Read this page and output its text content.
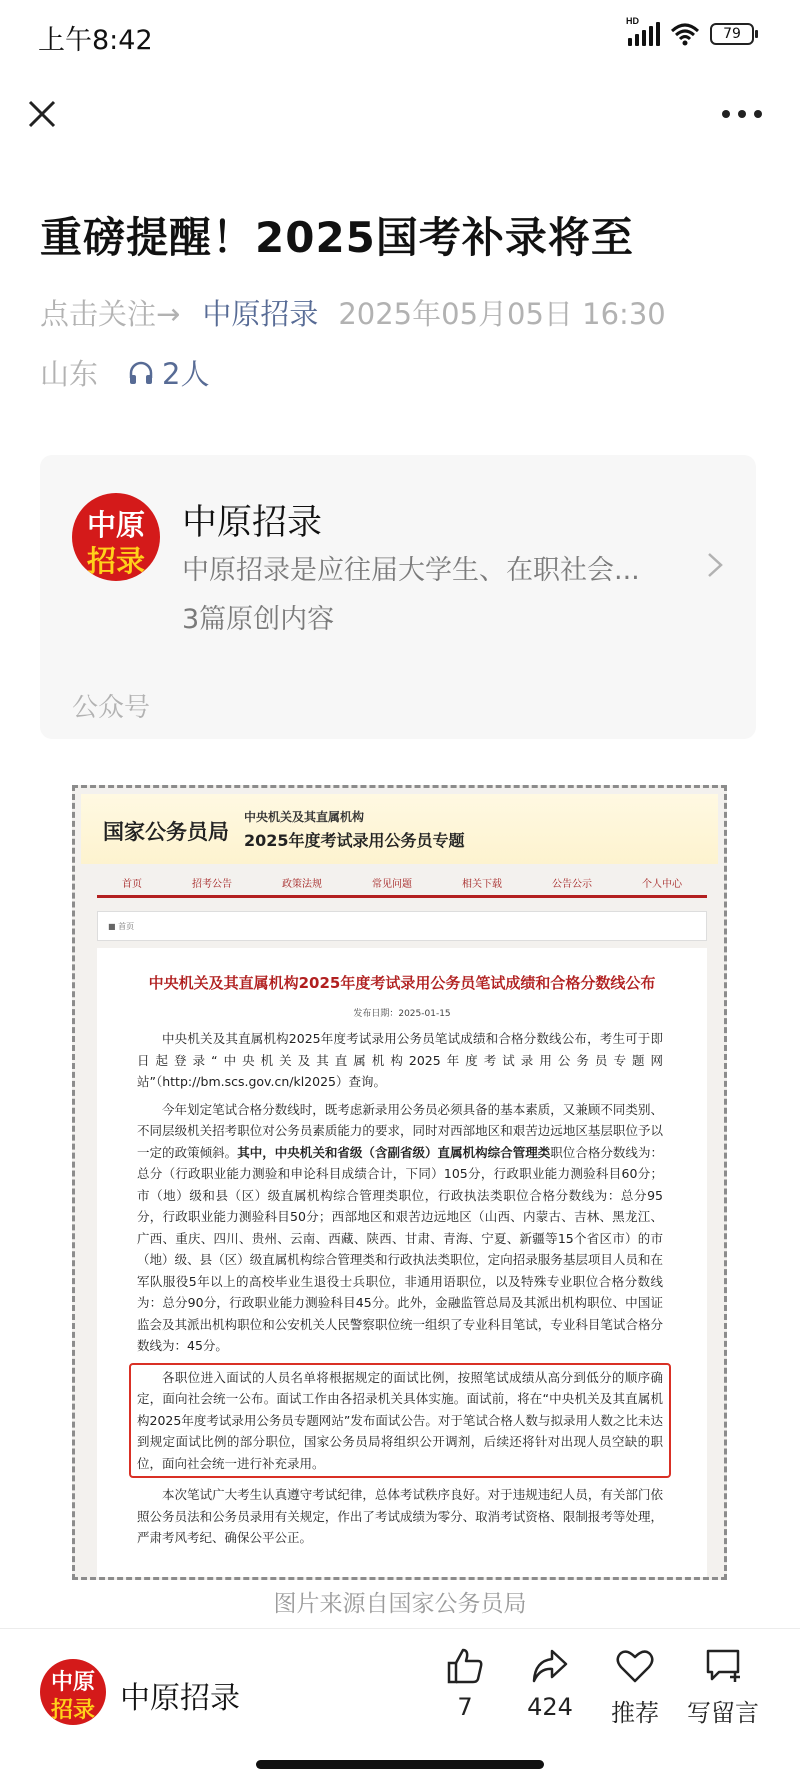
上午8:42
HD
79
重磅提醒！2025国考补录将至
点击关注→ 中原招录 2025年05月05日 16:30
山东 2人
中原
招录
中原招录
中原招录是应往届大学生、在职社会...
3篇原创内容
公众号
国家公务员局
中央机关及其直属机构
2025年度考试录用公务员专题
首页	招考公告	政策法规	常见问题	相关下载	公告公示	个人中心
■ 首页
中央机关及其直属机构2025年度考试录用公务员笔试成绩和合格分数线公布
发布日期：2025-01-15

中央机关及其直属机构2025年度考试录用公务员笔试成绩和合格分数线公布，考生可于即日起登录“中央机关及其直属机构2025年度考试录用公务员专题网站”（http://bm.scs.gov.cn/kl2025）查询。

今年划定笔试合格分数线时，既考虑新录用公务员必须具备的基本素质，又兼顾不同类别、不同层级机关招考职位对公务员素质能力的要求，同时对西部地区和艰苦边远地区基层职位予以一定的政策倾斜。其中，中央机关和省级（含副省级）直属机构综合管理类职位合格分数线为：总分（行政职业能力测验和申论科目成绩合计，下同）105分，行政职业能力测验科目60分；市（地）级和县（区）级直属机构综合管理类职位，行政执法类职位合格分数线为：总分95分，行政职业能力测验科目50分；西部地区和艰苦边远地区（山西、内蒙古、吉林、黑龙江、广西、重庆、四川、贵州、云南、西藏、陕西、甘肃、青海、宁夏、新疆等15个省区市）的市（地）级、县（区）级直属机构综合管理类和行政执法类职位，定向招录服务基层项目人员和在军队服役5年以上的高校毕业生退役士兵职位，非通用语职位，以及特殊专业职位合格分数线为：总分90分，行政职业能力测验科目45分。此外，金融监管总局及其派出机构职位、中国证监会及其派出机构职位和公安机关人民警察职位统一组织了专业科目笔试，专业科目笔试合格分数线为：45分。

各职位进入面试的人员名单将根据规定的面试比例，按照笔试成绩从高分到低分的顺序确定，面向社会统一公布。面试工作由各招录机关具体实施。面试前，将在“中央机关及其直属机构2025年度考试录用公务员专题网站”发布面试公告。对于笔试合格人数与拟录用人数之比未达到规定面试比例的部分职位，国家公务员局将组织公开调剂，后续还将针对出现人员空缺的职位，面向社会统一进行补充录用。

本次笔试广大考生认真遵守考试纪律，总体考试秩序良好。对于违规违纪人员，有关部门依照公务员法和公务员录用有关规定，作出了考试成绩为零分、取消考试资格、限制报考等处理，严肃考风考纪、确保公平公正。

图片来源自国家公务员局
中原
招录 中原招录	7	424	推荐	写留言
